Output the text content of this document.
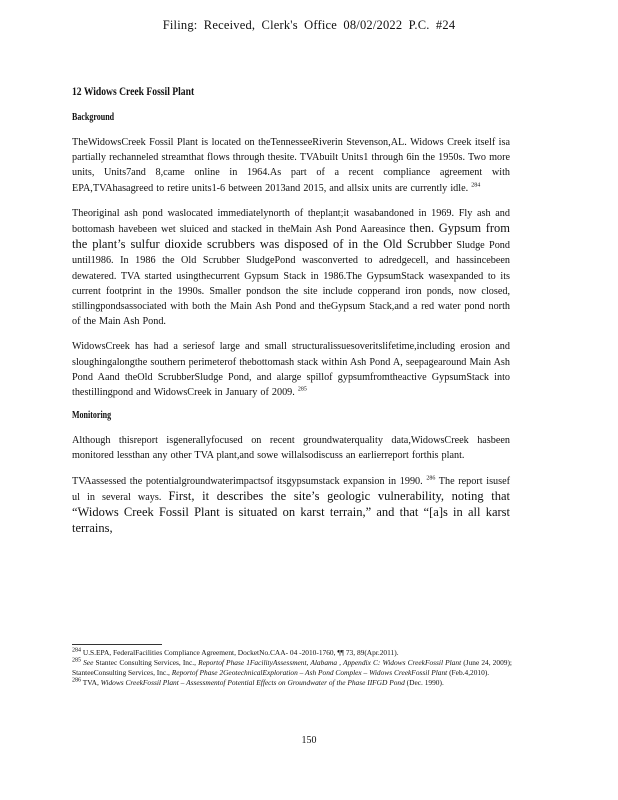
Filing: Received, Clerk's Office 08/02/2022 P.C. #24
12 Widows Creek Fossil Plant
Background

TheWidowsCreek Fossil Plant is located on theTennesseeRiverin Stevenson,AL. Widows Creek itself isa partially rechanneled streamthat flows through thesite. TVAbuilt Units1 through 6in the 1950s. Two more units, Units7and 8,came online in 1964.As part of a recent compliance agreement with EPA,TVAhasagreed to retire units1-6 between 2013and 2015, and allsix units are currently idle. $^{284}$

Theoriginal ash pond waslocated immediatelynorth of theplant;it wasabandoned in 1969. Fly ash and bottomash havebeen wet sluiced and stacked in theMain Ash Pond Aareasince then. Gypsum from the plant’s sulfur dioxide scrubbers was disposed of in the Old Scrubber Sludge Pond until1986. In 1986 the Old Scrubber SludgePond wasconverted to adredgecell, and hassincebeen dewatered. TVA started usingthecurrent Gypsum Stack in 1986.The GypsumStack wasexpanded to its current footprint in the 1990s. Smaller pondson the site include copperand iron ponds, now closed, stillingpondsassociated with both the Main Ash Pond and theGypsum Stack,and a red water pond north of the Main Ash Pond.

WidowsCreek has had a seriesof large and small structuralissuesoveritslifetime,including erosion and sloughingalongthe southern perimeterof thebottomash stack within Ash Pond A, seepagearound Main Ash Pond Aand theOld ScrubberSludge Pond, and alarge spillof gypsumfromtheactive GypsumStack into thestillingpond and WidowsCreek in January of 2009. $^{285}$

Monitoring

Although thisreport isgenerallyfocused on recent groundwaterquality data,WidowsCreek hasbeen monitored lessthan any other TVA plant,and sowe willalsodiscuss an earlierreport forthis plant.

TVAassessed the potentialgroundwaterimpactsof itsgypsumstack expansion in 1990. $^{286}$ The report isusef ul in several ways. First, it describes the site’s geologic vulnerability, noting that “Widows Creek Fossil Plant is situated on karst terrain,” and that “[a]s in all karst terrains,

$^{284}$ U.S.EPA, FederalFacilities Compliance Agreement, DocketNo.CAA- 04 -2010-1760, ¶¶ 73, 89(Apr.2011).

$^{285}$ See Stantec Consulting Services, Inc., Reportof Phase 1FacilityAssessment, Alabama , Appendix C: Widows CreekFossil Plant (June 24, 2009); StanteeConsulting Services, Inc., Reportof Phase 2GeotechnicalExploration – Ash Pond Complex – Widows CreekFossil Plant (Feb.4,2010).

$^{286}$ TVA, Widows CreekFossil Plant – Assessmentof Potential Effects on Groundwater of the Phase IIFGD Pond (Dec. 1990).

150
